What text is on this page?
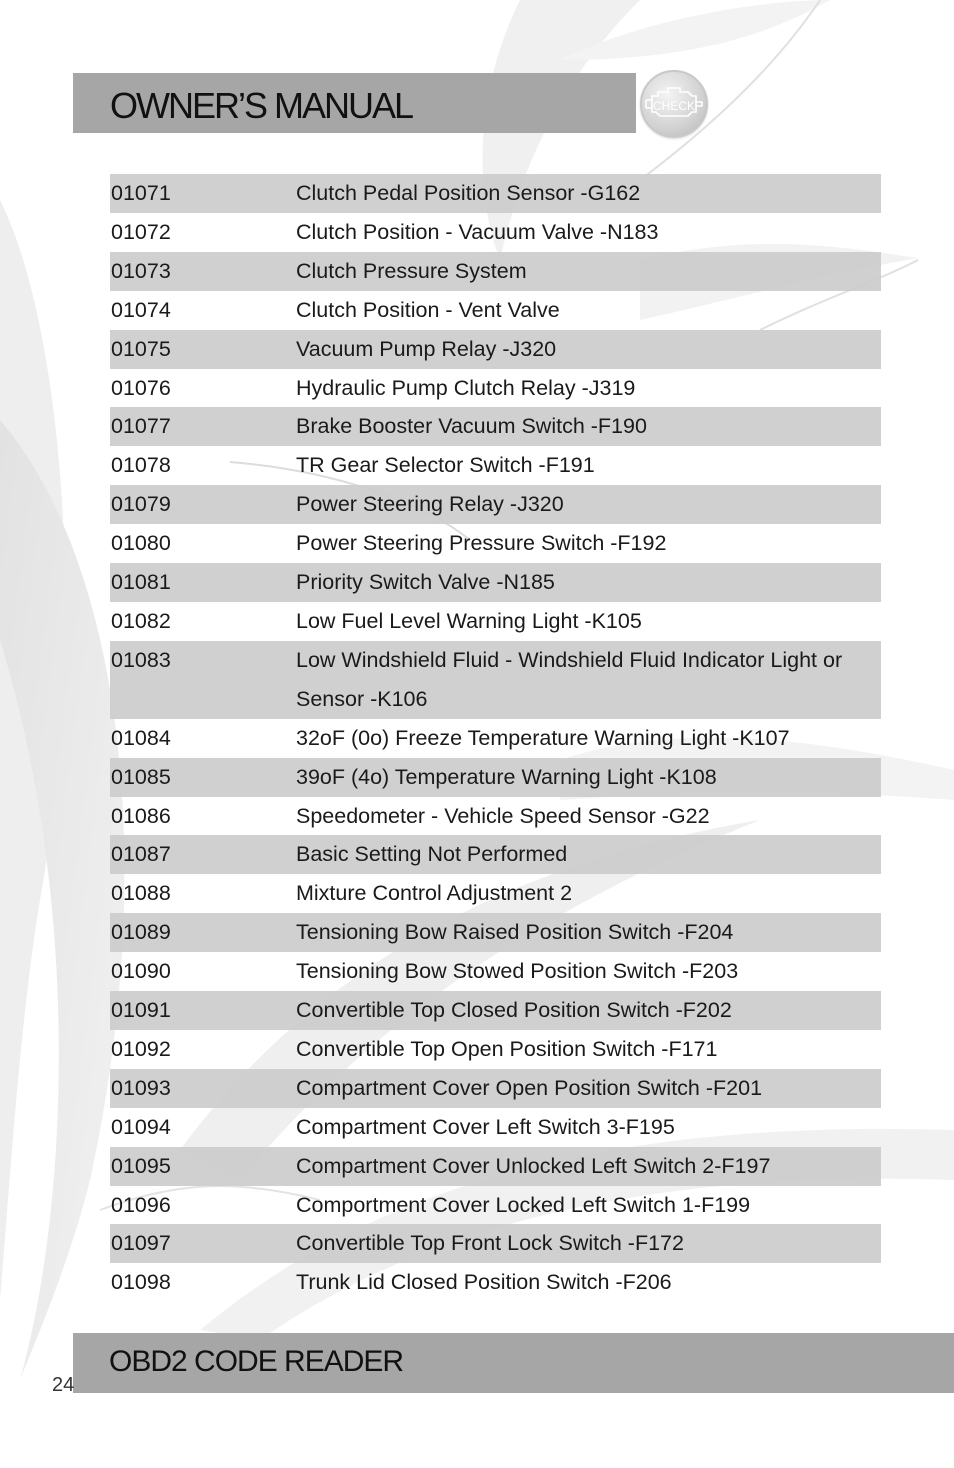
OWNER’S MANUAL	CHECK
01071	Clutch Pedal Position Sensor -G162
01072	Clutch Position - Vacuum Valve -N183
01073	Clutch Pressure System
01074	Clutch Position - Vent Valve
01075	Vacuum Pump Relay -J320
01076	Hydraulic Pump Clutch Relay -J319
01077	Brake Booster Vacuum Switch -F190
01078	TR Gear Selector Switch -F191
01079	Power Steering Relay -J320
01080	Power Steering Pressure Switch -F192
01081	Priority Switch Valve -N185
01082	Low Fuel Level Warning Light -K105
01083	Low Windshield Fluid - Windshield Fluid Indicator Light or Sensor -K106
01084	32oF (0o) Freeze Temperature Warning Light -K107
01085	39oF (4o) Temperature Warning Light -K108
01086	Speedometer - Vehicle Speed Sensor -G22
01087	Basic Setting Not Performed
01088	Mixture Control Adjustment 2
01089	Tensioning Bow Raised Position Switch -F204
01090	Tensioning Bow Stowed Position Switch -F203
01091	Convertible Top Closed Position Switch -F202
01092	Convertible Top Open Position Switch -F171
01093	Compartment Cover Open Position Switch -F201
01094	Compartment Cover Left Switch 3-F195
01095	Compartment Cover Unlocked Left Switch 2-F197
01096	Comportment Cover Locked Left Switch 1-F199
01097	Convertible Top Front Lock Switch -F172
01098	Trunk Lid Closed Position Switch -F206
OBD2 CODE READER
24
